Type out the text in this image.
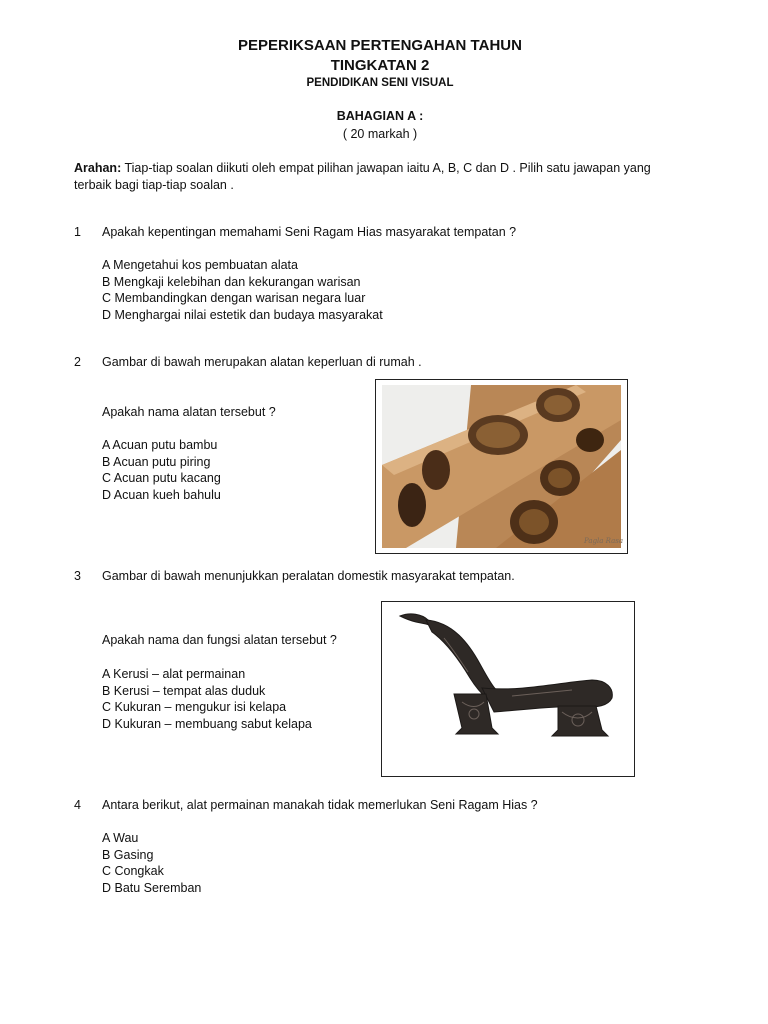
PEPERIKSAAN PERTENGAHAN TAHUN
TINGKATAN 2
PENDIDIKAN SENI VISUAL
BAHAGIAN A :
( 20 markah )
Arahan: Tiap-tiap soalan diikuti oleh empat pilihan jawapan iaitu A, B, C dan D . Pilih satu jawapan yang terbaik bagi tiap-tiap soalan .
1 Apakah kepentingan memahami Seni Ragam Hias masyarakat tempatan ?
A Mengetahui kos pembuatan alata
B Mengkaji kelebihan dan kekurangan warisan
C Membandingkan dengan warisan negara luar
D Menghargai nilai estetik dan budaya masyarakat
2 Gambar di bawah merupakan alatan keperluan di rumah .
Apakah nama alatan tersebut ?
A Acuan putu bambu
B Acuan putu piring
C Acuan putu kacang
D Acuan kueh bahulu
Pagla Rasa
3 Gambar di bawah menunjukkan peralatan domestik masyarakat tempatan.
Apakah nama dan fungsi alatan tersebut ?
A Kerusi – alat permainan
B Kerusi – tempat alas duduk
C Kukuran – mengukur isi kelapa
D Kukuran – membuang sabut kelapa
4 Antara berikut, alat permainan manakah tidak memerlukan Seni Ragam Hias ?
A Wau
B Gasing
C Congkak
D Batu Seremban
